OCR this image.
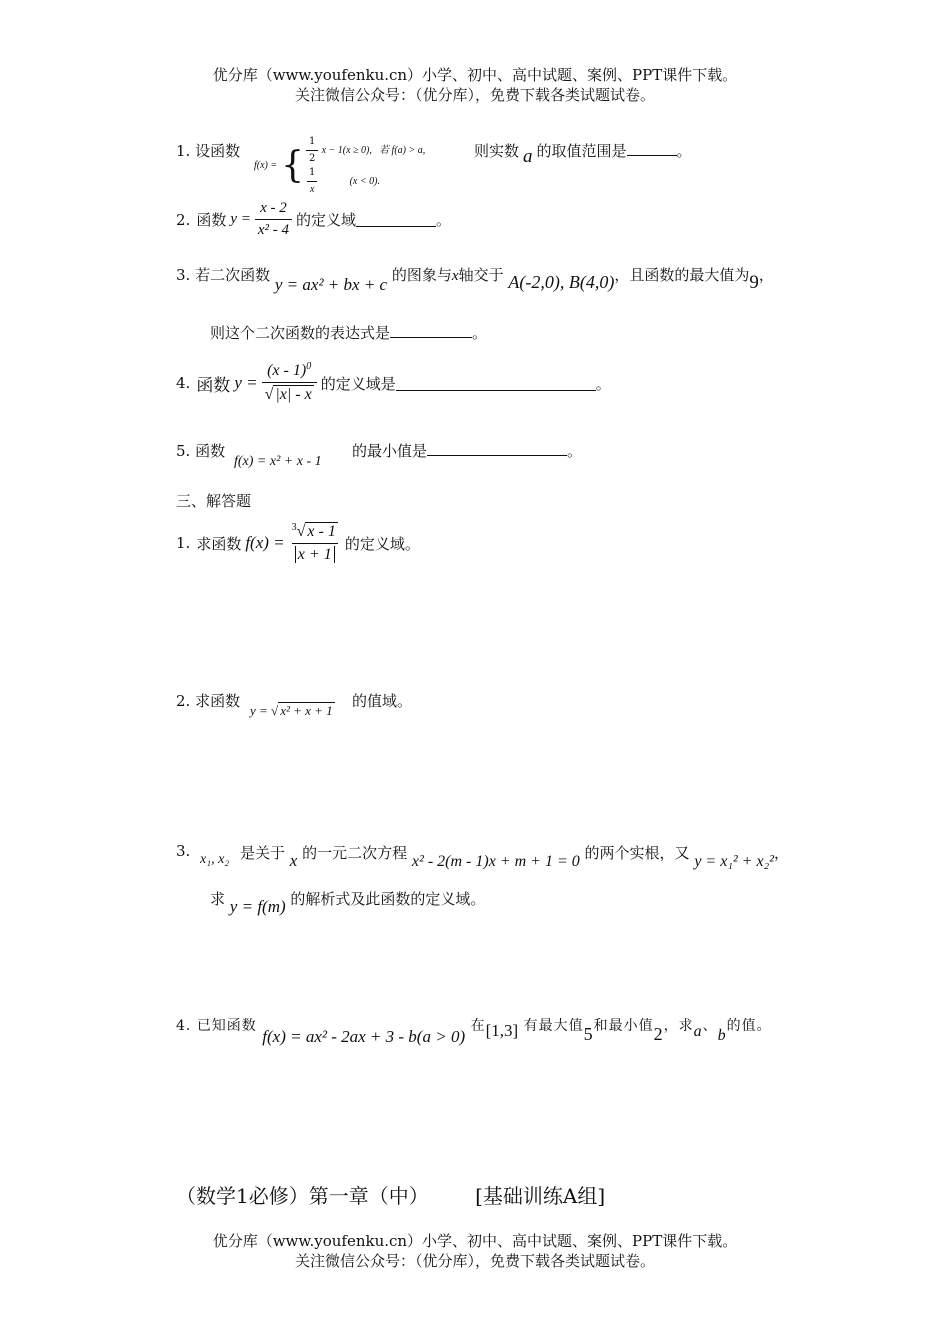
优分库（www.youfenku.cn）小学、初中、高中试题、案例、PPT课件下载。
关注微信公众号：（优分库），免费下载各类试题试卷。
1. 设函数
f(x) = { $\frac{1}{2}$ x − 1(x ≥ 0), 若 f(a) > a,
$\frac{1}{x}$	(x < 0).
则实数 a 的取值范围是	。
2. 函数 $y = \frac{x - 2}{\text{x² - 4}}$ 的定义域	。
3. 若二次函数 y = ax² + bx + c 的图象与x轴交于 A(-2,0), B(4,0)，且函数的最大值为9，
则这个二次函数的表达式是	。
4. 函数 $y = \frac{(x - 1)^0}{√ |x| - x}$ 的定义域是	。
5. 函数
f(x) = x² + x - 1
的最小值是	。
三、解答题
1. 求函数 $f(x) = \frac{^3√ x - 1}{x + 1}$ 的定义域。
2. 求函数
y = √ x² + x + 1
的值域。
3. x₁, x₂ 是关于 x 的一元二次方程 x² - 2(m - 1)x + m + 1 = 0 的两个实根，又 y = x₁² + x₂²，
求 y = f(m) 的解析式及此函数的定义域。
4. 已知函数 f(x) = ax² - 2ax + 3 - b(a > 0) 在[1,3] 有最大值5和最小值2，求a、b的值。
（数学1必修）第一章（中） [基础训练A组]
优分库（www.youfenku.cn）小学、初中、高中试题、案例、PPT课件下载。
关注微信公众号：（优分库），免费下载各类试题试卷。
